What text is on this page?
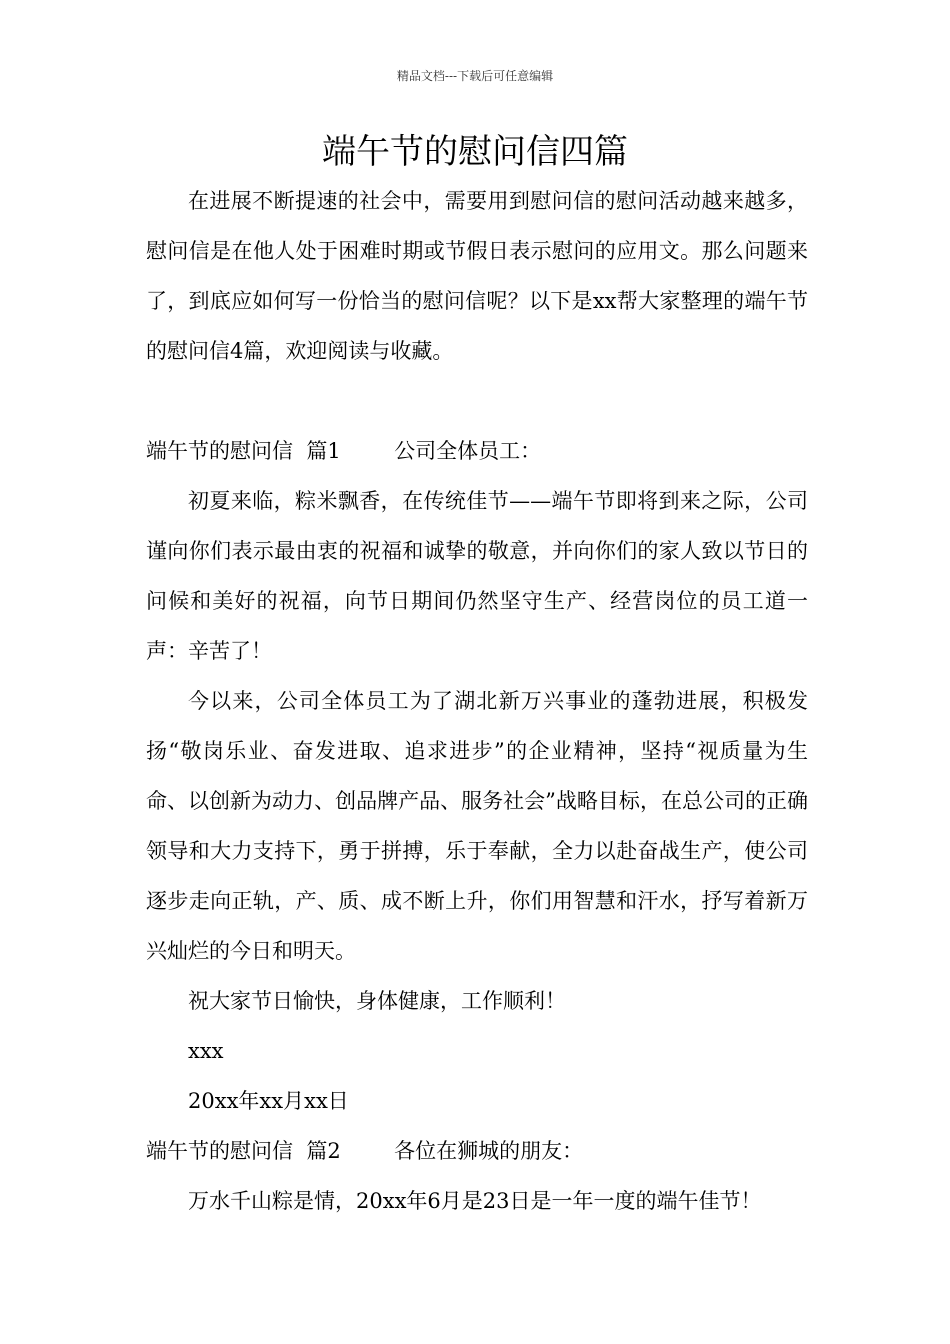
精品文档---下载后可任意编辑
端午节的慰问信四篇

在进展不断提速的社会中，需要用到慰问信的慰问活动越来越多，慰问信是在他人处于困难时期或节假日表示慰问的应用文。那么问题来了，到底应如何写一份恰当的慰问信呢？以下是xx帮大家整理的端午节的慰问信4篇，欢迎阅读与收藏。

端午节的慰问信  篇1        公司全体员工：

初夏来临，粽米飘香，在传统佳节——端午节即将到来之际，公司谨向你们表示最由衷的祝福和诚挚的敬意，并向你们的家人致以节日的问候和美好的祝福，向节日期间仍然坚守生产、经营岗位的员工道一声：辛苦了！

今以来，公司全体员工为了湖北新万兴事业的蓬勃进展，积极发扬“敬岗乐业、奋发进取、追求进步”的企业精神，坚持“视质量为生命、以创新为动力、创品牌产品、服务社会”战略目标，在总公司的正确领导和大力支持下，勇于拼搏，乐于奉献，全力以赴奋战生产，使公司逐步走向正轨，产、质、成不断上升，你们用智慧和汗水，抒写着新万兴灿烂的今日和明天。

祝大家节日愉快，身体健康，工作顺利！

xxx

20xx年xx月xx日

端午节的慰问信  篇2        各位在狮城的朋友：

万水千山粽是情，20xx年6月是23日是一年一度的端午佳节！
